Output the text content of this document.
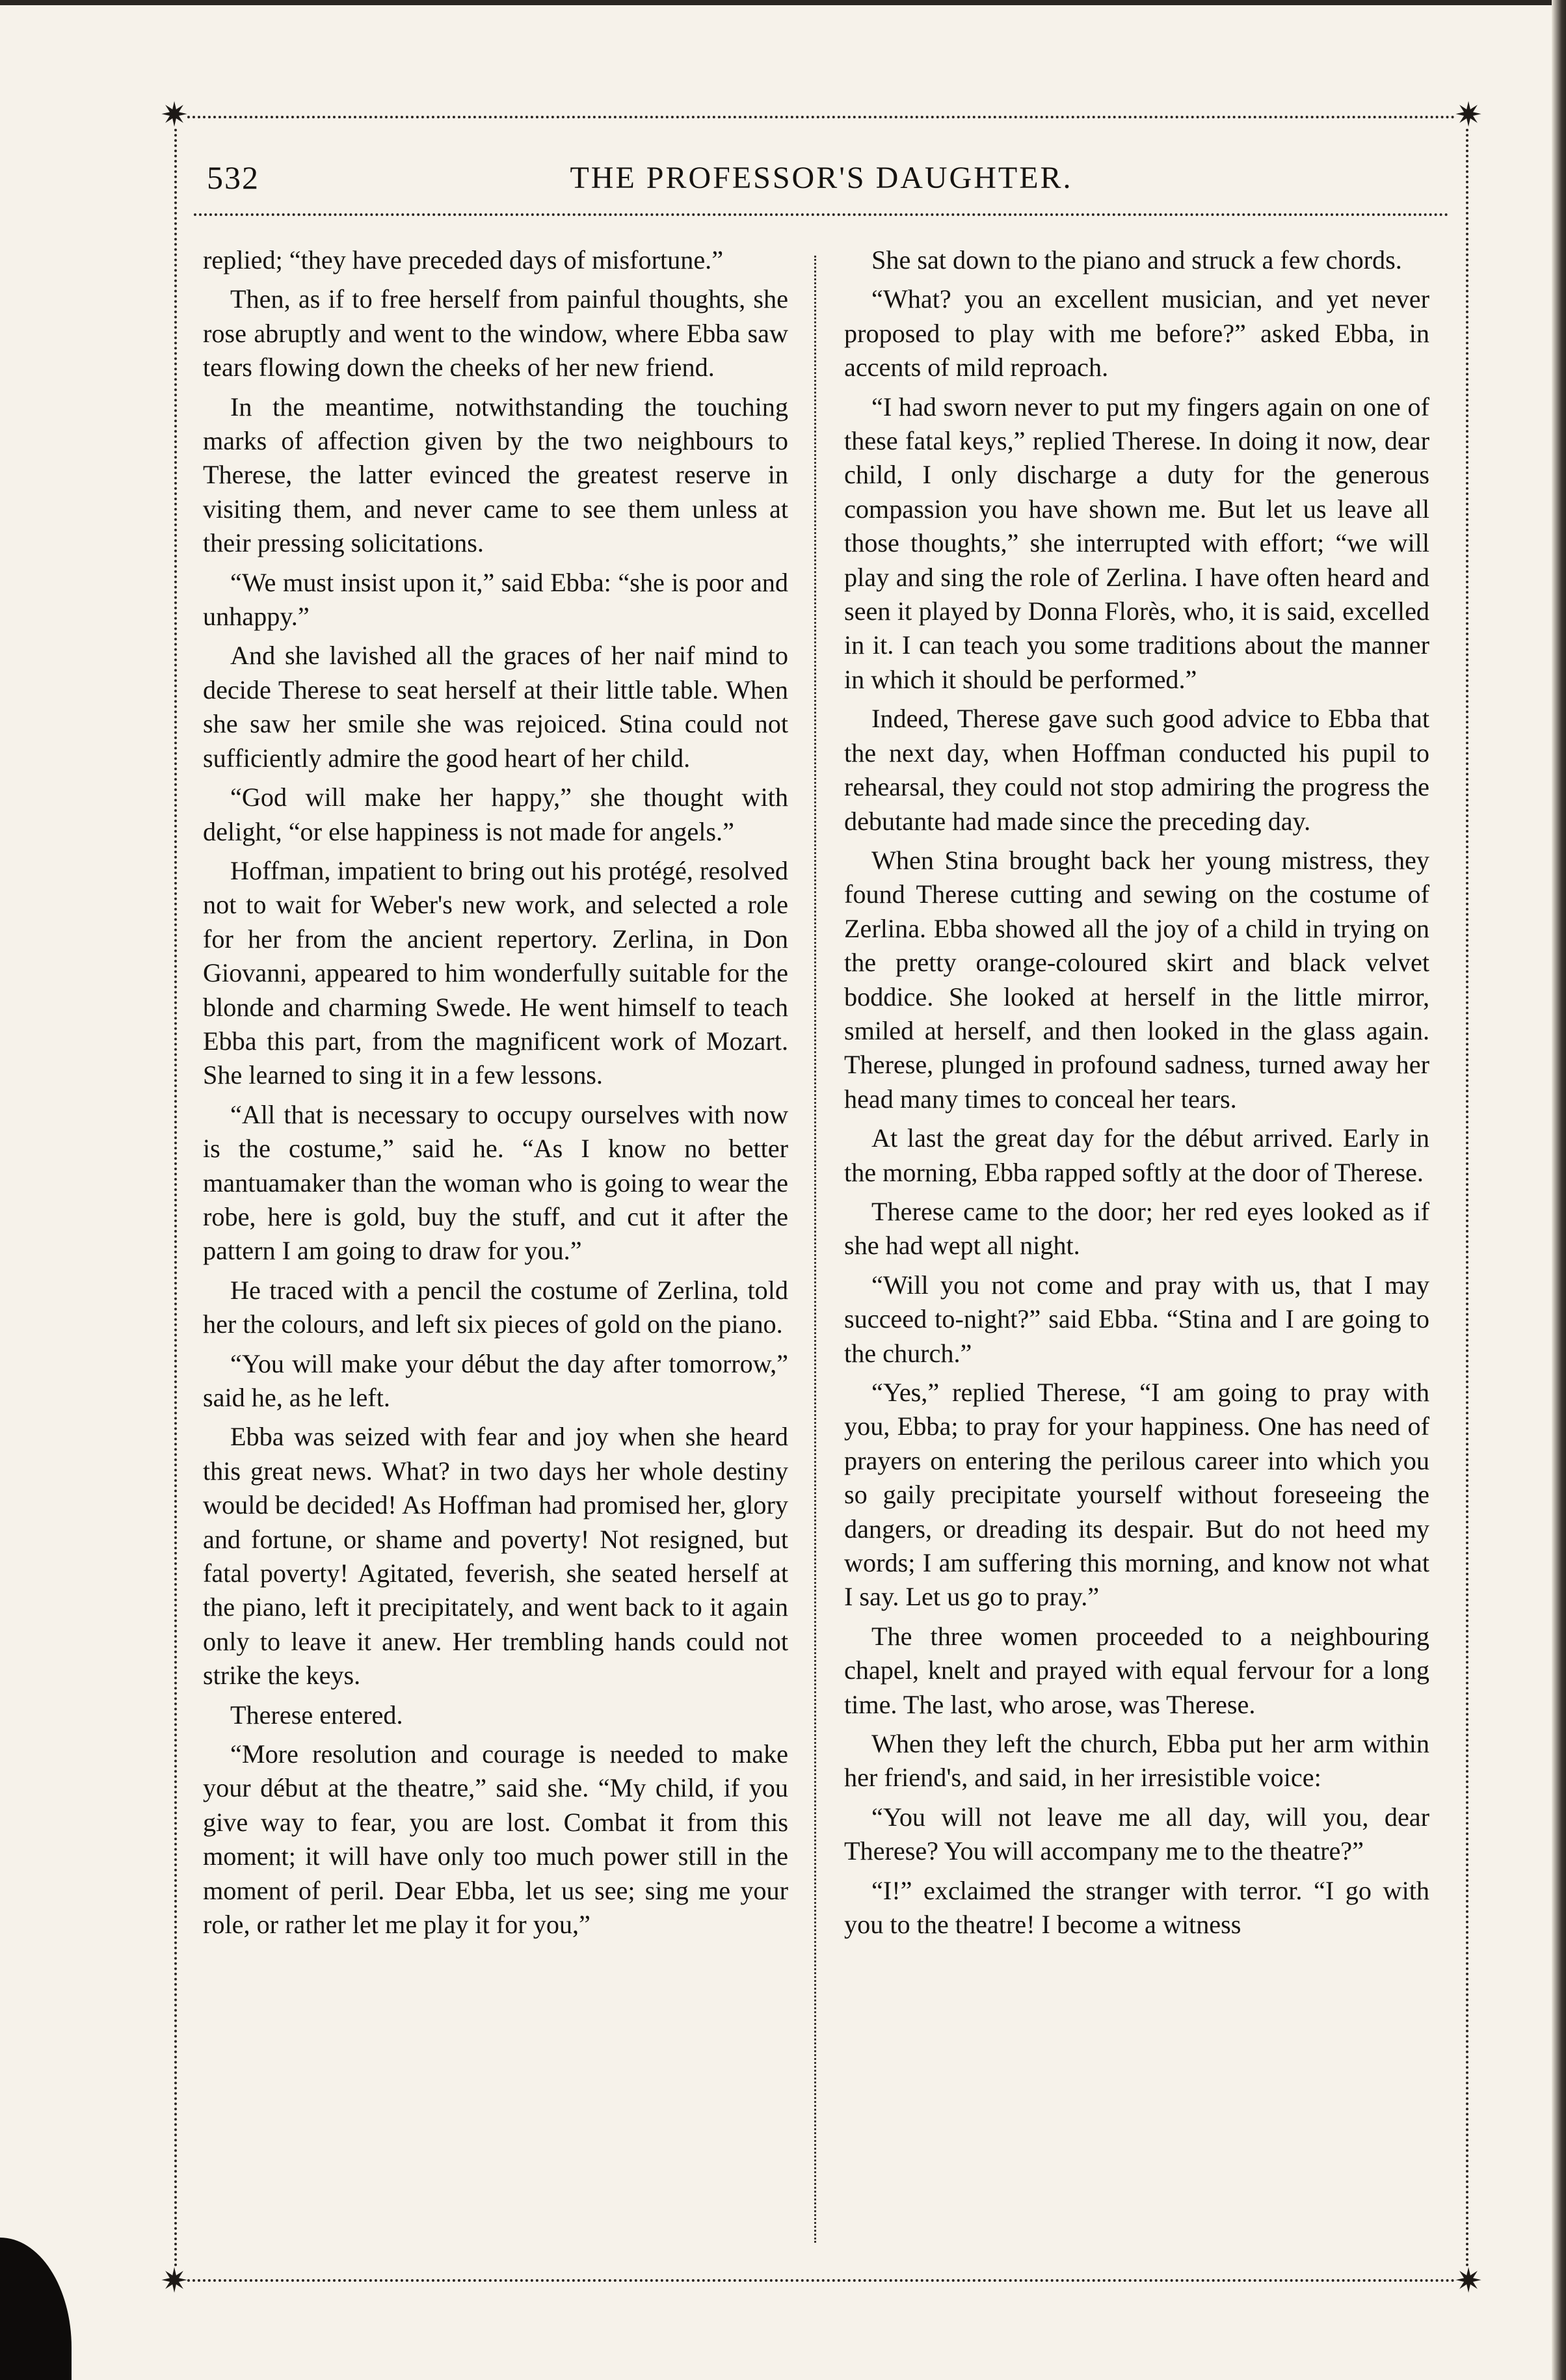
✷	✷
✷	✷
532	THE PROFESSOR'S DAUGHTER.

replied; “they have preceded days of misfortune.”

Then, as if to free herself from painful thoughts, she rose abruptly and went to the window, where Ebba saw tears flowing down the cheeks of her new friend.

In the meantime, notwithstanding the touching marks of affection given by the two neighbours to Therese, the latter evinced the greatest reserve in visiting them, and never came to see them unless at their pressing solicitations.

“We must insist upon it,” said Ebba: “she is poor and unhappy.”

And she lavished all the graces of her naif mind to decide Therese to seat herself at their little table. When she saw her smile she was rejoiced. Stina could not sufficiently admire the good heart of her child.

“God will make her happy,” she thought with delight, “or else happiness is not made for angels.”

Hoffman, impatient to bring out his protégé, resolved not to wait for Weber's new work, and selected a role for her from the ancient repertory. Zerlina, in Don Giovanni, appeared to him wonderfully suitable for the blonde and charming Swede. He went himself to teach Ebba this part, from the magnificent work of Mozart. She learned to sing it in a few lessons.

“All that is necessary to occupy ourselves with now is the costume,” said he. “As I know no better mantuamaker than the woman who is going to wear the robe, here is gold, buy the stuff, and cut it after the pattern I am going to draw for you.”

He traced with a pencil the costume of Zerlina, told her the colours, and left six pieces of gold on the piano.

“You will make your début the day after tomorrow,” said he, as he left.

Ebba was seized with fear and joy when she heard this great news. What? in two days her whole destiny would be decided! As Hoffman had promised her, glory and fortune, or shame and poverty! Not resigned, but fatal poverty! Agitated, feverish, she seated herself at the piano, left it precipitately, and went back to it again only to leave it anew. Her trembling hands could not strike the keys.

Therese entered.

“More resolution and courage is needed to make your début at the theatre,” said she. “My child, if you give way to fear, you are lost. Combat it from this moment; it will have only too much power still in the moment of peril. Dear Ebba, let us see; sing me your role, or rather let me play it for you,”

She sat down to the piano and struck a few chords.

“What? you an excellent musician, and yet never proposed to play with me before?” asked Ebba, in accents of mild reproach.

“I had sworn never to put my fingers again on one of these fatal keys,” replied Therese. In doing it now, dear child, I only discharge a duty for the generous compassion you have shown me. But let us leave all those thoughts,” she interrupted with effort; “we will play and sing the role of Zerlina. I have often heard and seen it played by Donna Florès, who, it is said, excelled in it. I can teach you some traditions about the manner in which it should be performed.”

Indeed, Therese gave such good advice to Ebba that the next day, when Hoffman conducted his pupil to rehearsal, they could not stop admiring the progress the debutante had made since the preceding day.

When Stina brought back her young mistress, they found Therese cutting and sewing on the costume of Zerlina. Ebba showed all the joy of a child in trying on the pretty orange-coloured skirt and black velvet boddice. She looked at herself in the little mirror, smiled at herself, and then looked in the glass again. Therese, plunged in profound sadness, turned away her head many times to conceal her tears.

At last the great day for the début arrived. Early in the morning, Ebba rapped softly at the door of Therese.

Therese came to the door; her red eyes looked as if she had wept all night.

“Will you not come and pray with us, that I may succeed to-night?” said Ebba. “Stina and I are going to the church.”

“Yes,” replied Therese, “I am going to pray with you, Ebba; to pray for your happiness. One has need of prayers on entering the perilous career into which you so gaily precipitate yourself without foreseeing the dangers, or dreading its despair. But do not heed my words; I am suffering this morning, and know not what I say. Let us go to pray.”

The three women proceeded to a neighbouring chapel, knelt and prayed with equal fervour for a long time. The last, who arose, was Therese.

When they left the church, Ebba put her arm within her friend's, and said, in her irresistible voice:

“You will not leave me all day, will you, dear Therese? You will accompany me to the theatre?”

“I!” exclaimed the stranger with terror. “I go with you to the theatre! I become a witness
